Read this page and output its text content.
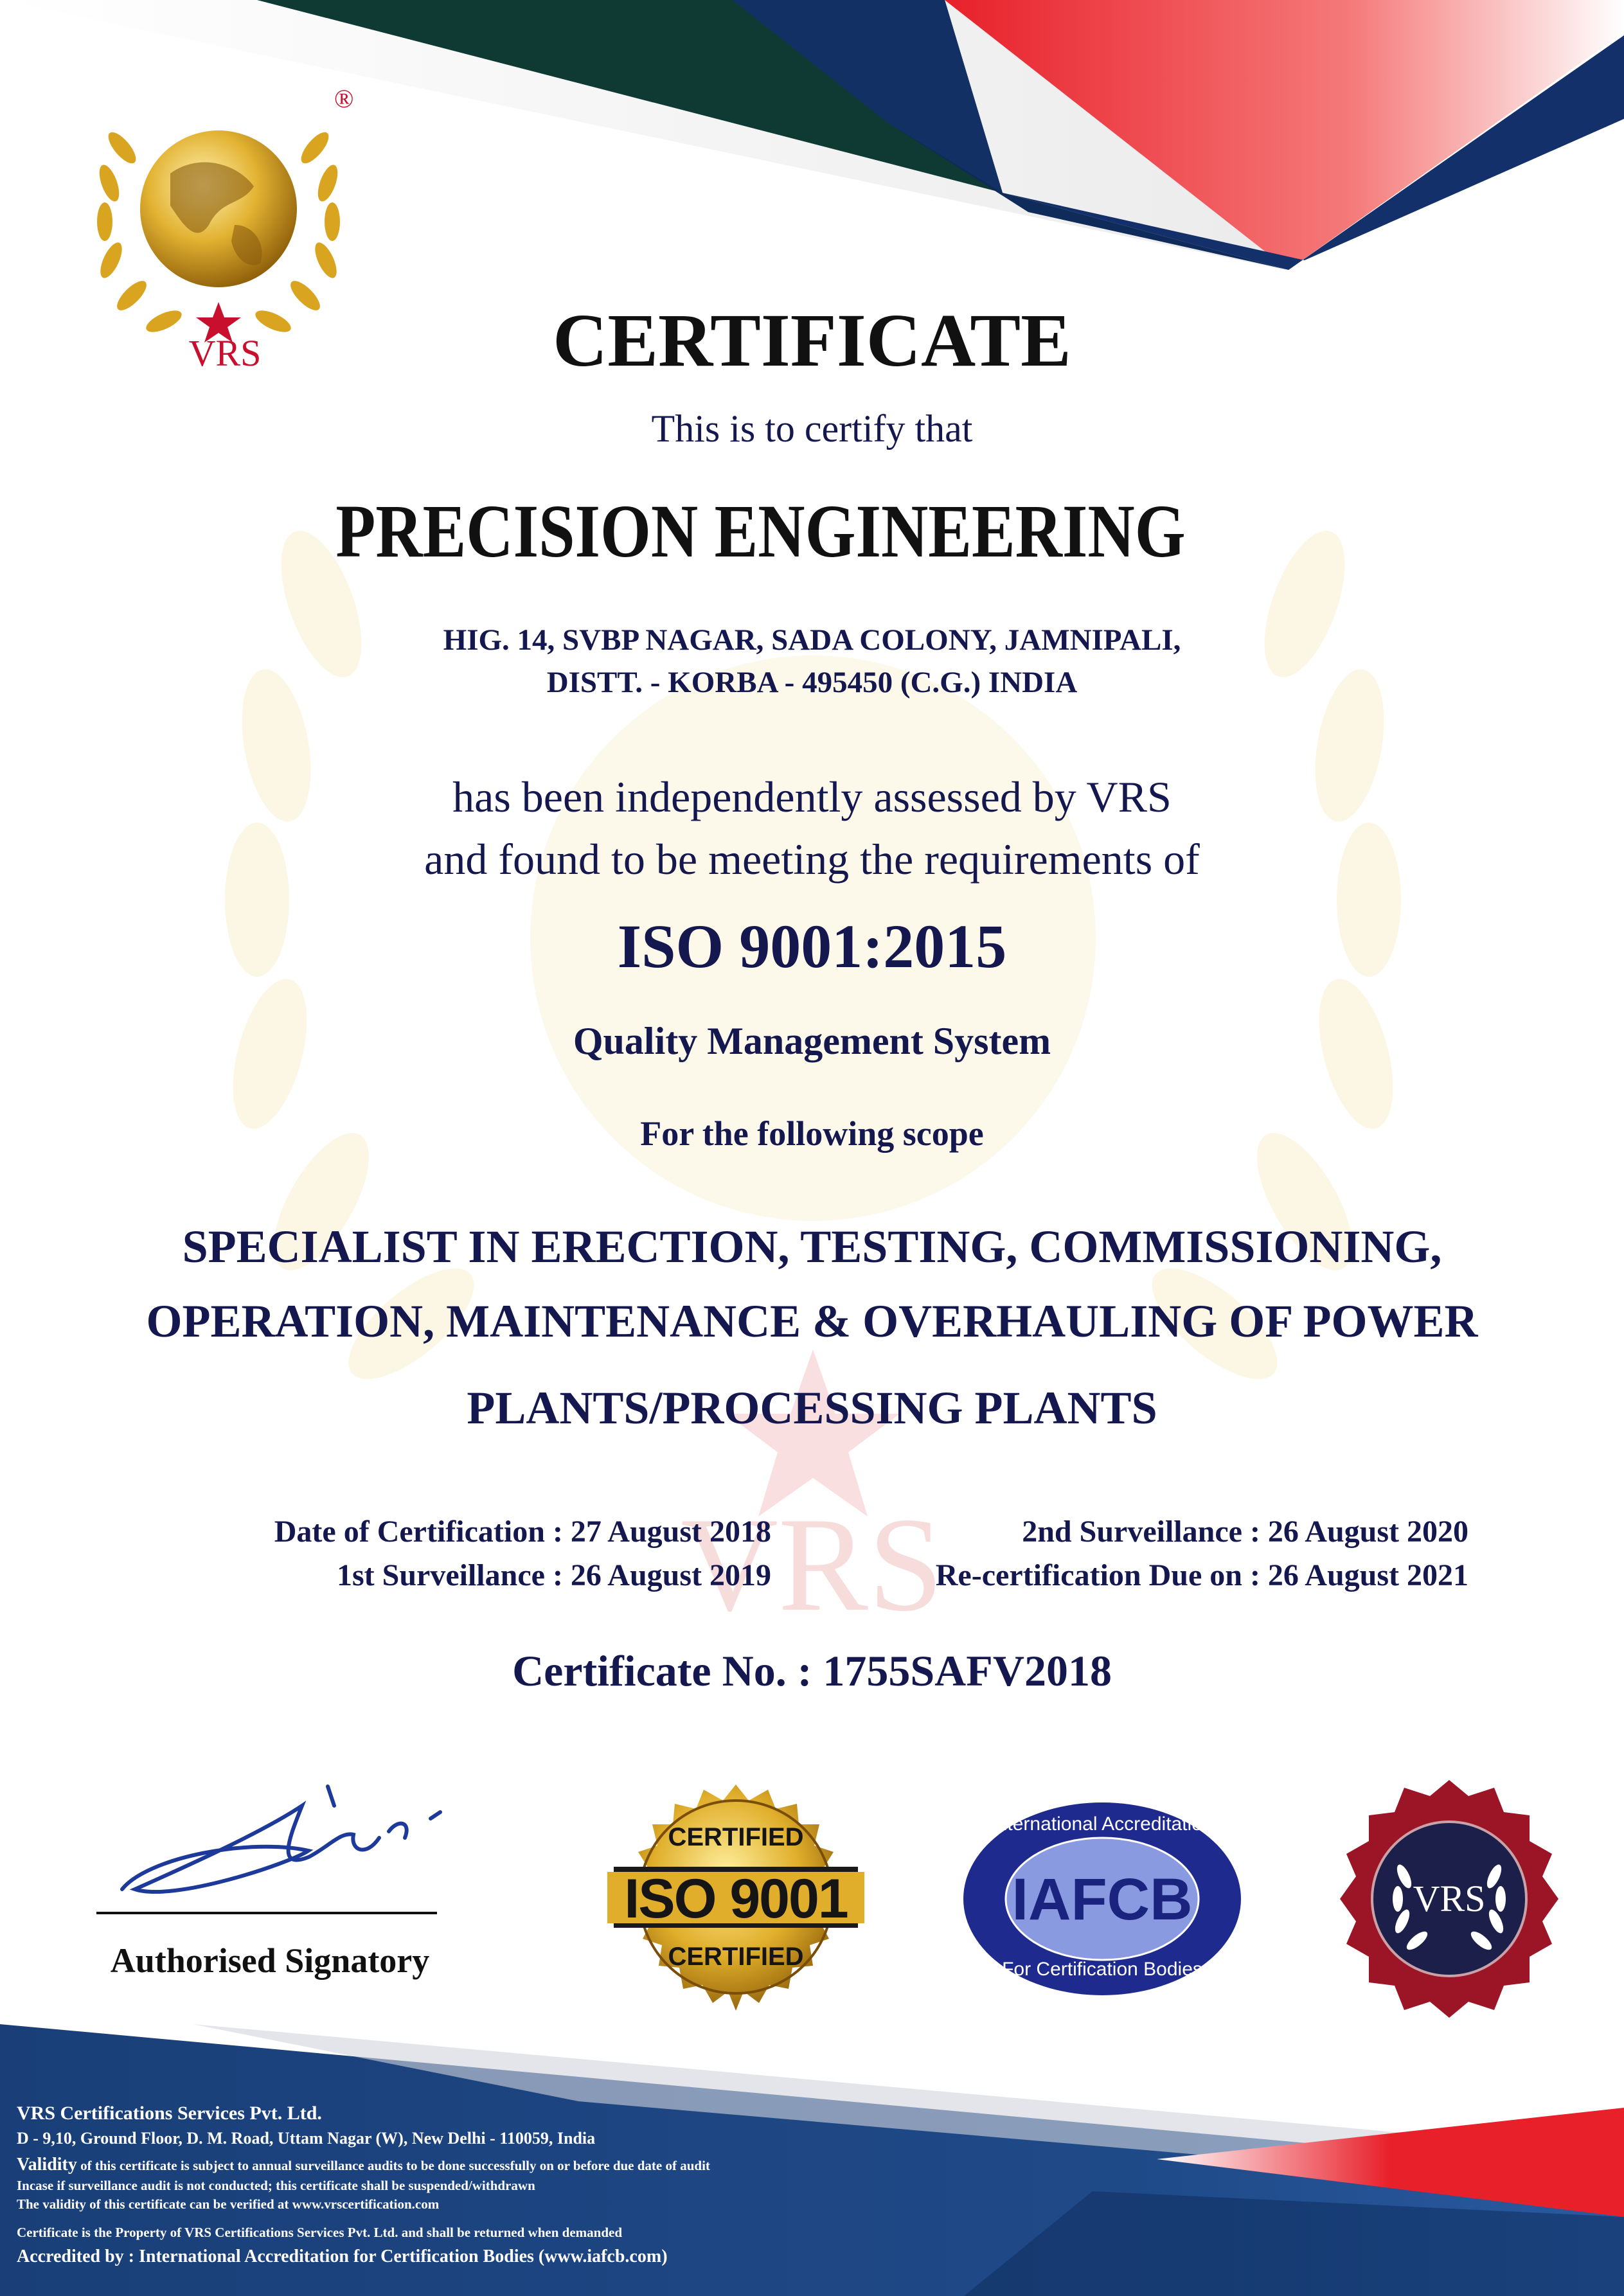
VRS
VRS
®
CERTIFICATE
This is to certify that
PRECISION ENGINEERING
HIG. 14, SVBP NAGAR, SADA COLONY, JAMNIPALI,
DISTT. - KORBA - 495450 (C.G.) INDIA
has been independently assessed by VRS
and found to be meeting the requirements of
ISO 9001:2015
Quality Management System
For the following scope
SPECIALIST IN ERECTION, TESTING, COMMISSIONING,
OPERATION, MAINTENANCE & OVERHAULING OF POWER
PLANTS/PROCESSING PLANTS
Date of Certification : 27 August 2018
1st Surveillance : 26 August 2019
2nd Surveillance : 26 August 2020
Re-certification Due on : 26 August 2021
Certificate No. : 1755SAFV2018
Authorised Signatory
ISO 9001
CERTIFIED
CERTIFIED
IAFCB
International Accreditation
For Certification Bodies
VRS
VRS Certifications Services Pvt. Ltd.
D - 9,10, Ground Floor, D. M. Road, Uttam Nagar (W), New Delhi - 110059, India
Validity of this certificate is subject to annual surveillance audits to be done successfully on or before due date of audit
Incase if surveillance audit is not conducted; this certificate shall be suspended/withdrawn
The validity of this certificate can be verified at www.vrscertification.com
Certificate is the Property of VRS Certifications Services Pvt. Ltd. and shall be returned when demanded
Accredited by : International Accreditation for Certification Bodies (www.iafcb.com)
